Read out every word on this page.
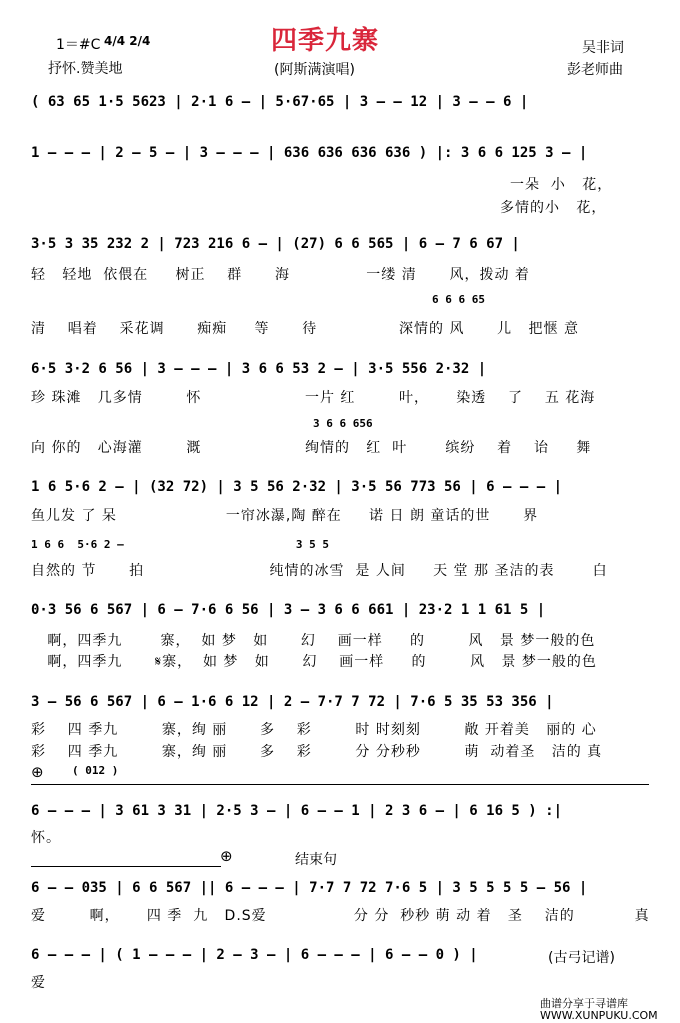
四季九寨
1＝#C 4/4 2/4
抒怀.赞美地	(阿斯满演唱)
吴非词
彭老师曲
( 63 65 1·5 5623 | 2·1 6 – | 5·67·65 | 3 – – 12 | 3 – – 6 |
1 – – – | 2 – 5 – | 3 – – – | 636 636 636 636 ) |: 3 6 6 125 3 – |
一朵  小   花，
多情的小   花，
3·5 3 35 232 2 | 723 216 6 – | (27) 6 6 565 | 6 – 7 6 67 |
轻   轻地  依偎在     树正    群      海              一缕 清      风，拨动 着
6 6 6 65
清    唱着    采花调      痴痴     等      待               深情的 风      儿   把惬 意
6·5 3·2 6 56 | 3 – – – | 3 6 6 53 2 – | 3·5 556 2·32 |
珍 珠滩   几多情        怀                   一片 红        叶，     染透    了    五 花海
3 6 6 656
向 你的   心海灌        溉                   绚情的   红  叶       缤纷    着    诒     舞
1 6 5·6 2 – | (32 72) | 3 5 56 2·32 | 3·5 56 773 56 | 6 – – – |
鱼儿发 了 呆                    一帘冰瀑,陶 醉在     诺 日 朗 童话的世      界
1 6 6  5·6 2 –                          3 5 5
自然的 节      拍                       纯情的冰雪  是 人间     天 堂 那 圣洁的表       白
0·3 56 6 567 | 6 – 7·6 6 56 | 3 – 3 6 6 661 | 23·2 1 1 61 5 |
啊，四季九       寨，  如 梦   如      幻    画一样     的        风   景 梦一般的色
啊，四季九      𝄋寨，  如 梦   如      幻    画一样     的        风   景 梦一般的色
3 – 56 6 567 | 6 – 1·6 6 12 | 2 – 7·7 7 72 | 7·6 5 35 53 356 |
彩    四 季九        寨，绚 丽      多    彩        时 时刻刻        敞 开着美   丽的 心
彩    四 季九        寨，绚 丽      多    彩        分 分秒秒        萌  动着圣   洁的 真
⊕	( 012 )
6 – – – | 3 61 3 31 | 2·5 3 – | 6 – – 1 | 2 3 6 – | 6 16 5 ) :|
怀。
⊕	结束句
6 – – 035 | 6 6 567 || 6 – – – | 7·7 7 72 7·6 5 | 3 5 5 5 5 – 56 |
爱        啊，     四 季  九   D.S爱                分 分  秒秒 萌 动 着   圣    洁的           真
6 – – – | ( 1 – – – | 2 – 3 – | 6 – – – | 6 – – 0 ) |
爱
(古弓记谱)
曲谱分享于寻谱库
WWW.XUNPUKU.COM
